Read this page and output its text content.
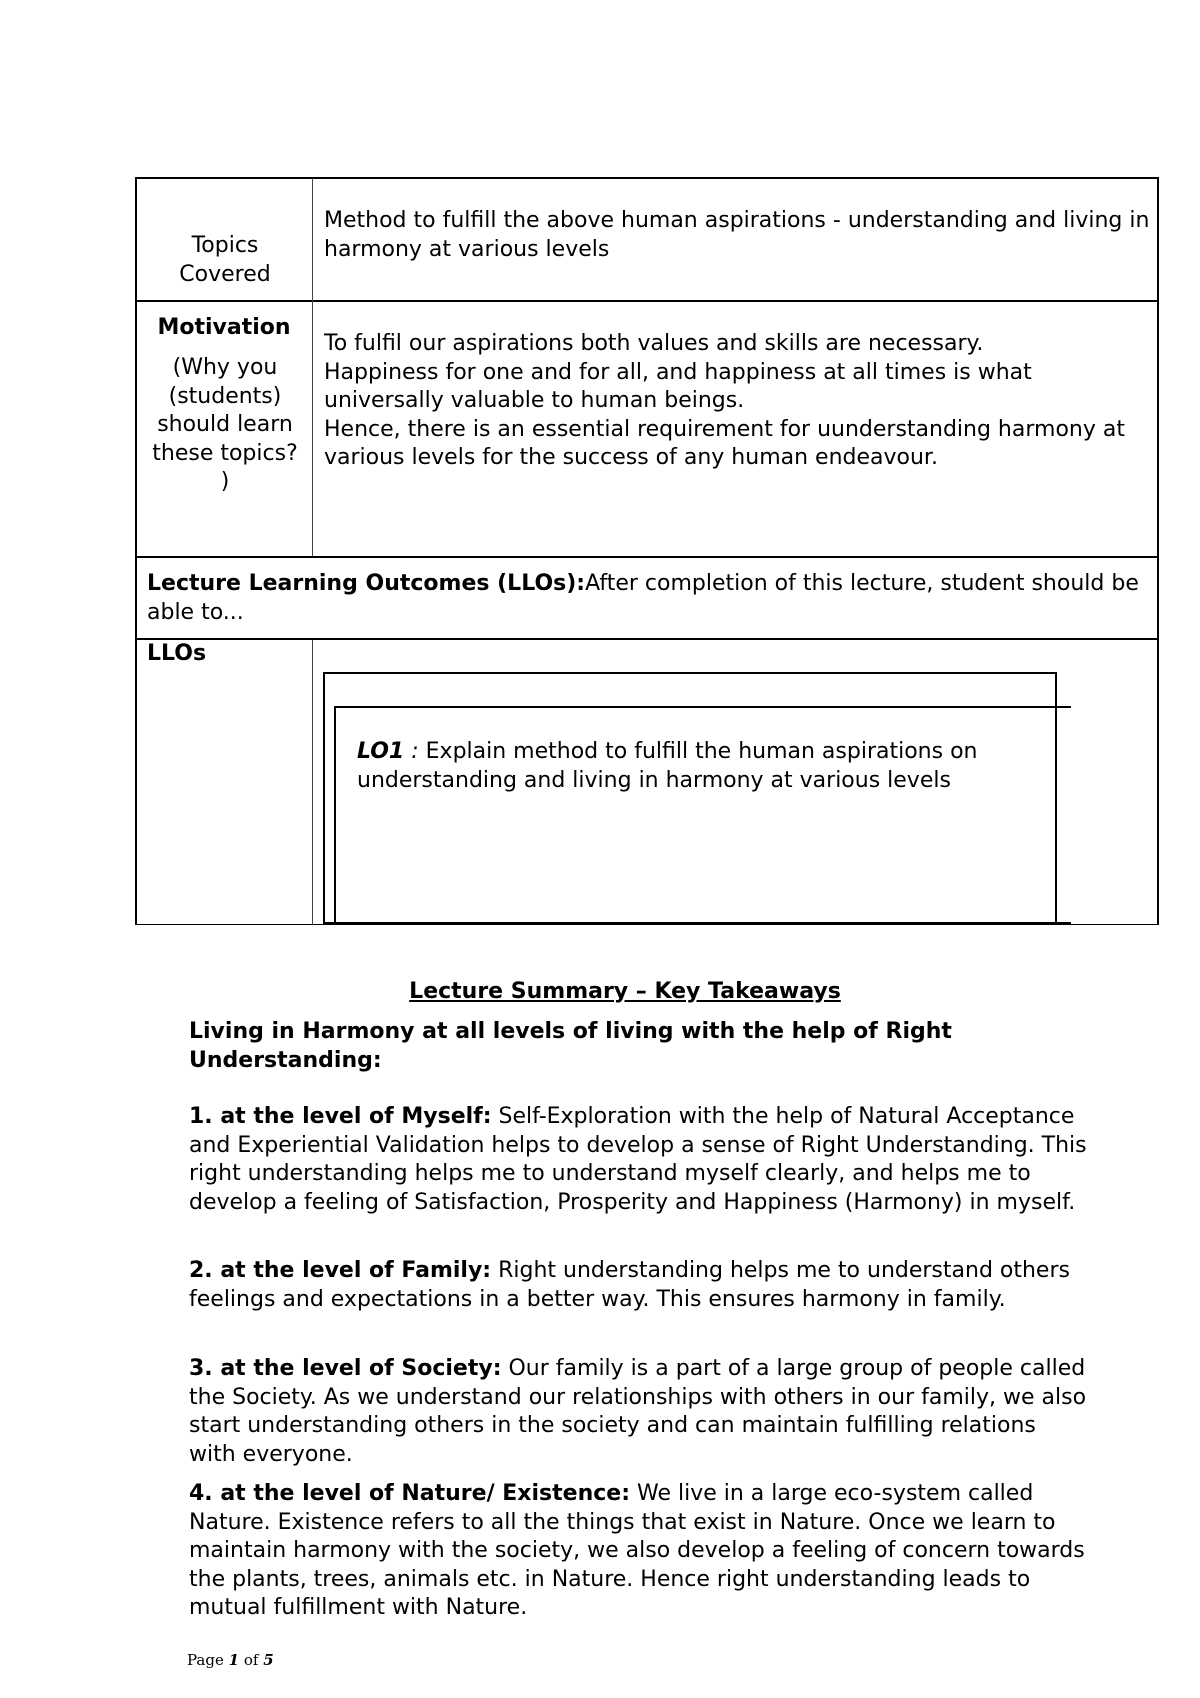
Topics Covered
Method to fulfill the above human aspirations - understanding and living in harmony at various levels
Motivation
(Why you (students) should learn these topics? )
To fulfil our aspirations both values and skills are necessary.
Happiness for one and for all, and happiness at all times is what universally valuable to human beings.
Hence, there is an essential requirement for uunderstanding harmony at various levels for the success of any human endeavour.
Lecture Learning Outcomes (LLOs):After completion of this lecture, student should be able to...
LLOs
LO1 : Explain method to fulfill the human aspirations on understanding and living in harmony at various levels
Lecture Summary – Key Takeaways
Living in Harmony at all levels of living with the help of Right Understanding:
1. at the level of Myself: Self-Exploration with the help of Natural Acceptance and Experiential Validation helps to develop a sense of Right Understanding. This right understanding helps me to understand myself clearly, and helps me to develop a feeling of Satisfaction, Prosperity and Happiness (Harmony) in myself.
2. at the level of Family: Right understanding helps me to understand others feelings and expectations in a better way. This ensures harmony in family.
3. at the level of Society: Our family is a part of a large group of people called the Society. As we understand our relationships with others in our family, we also start understanding others in the society and can maintain fulfilling relations with everyone.
4. at the level of Nature/ Existence: We live in a large eco-system called Nature. Existence refers to all the things that exist in Nature. Once we learn to maintain harmony with the society, we also develop a feeling of concern towards the plants, trees, animals etc. in Nature. Hence right understanding leads to mutual fulfillment with Nature.
Page 1 of 5
